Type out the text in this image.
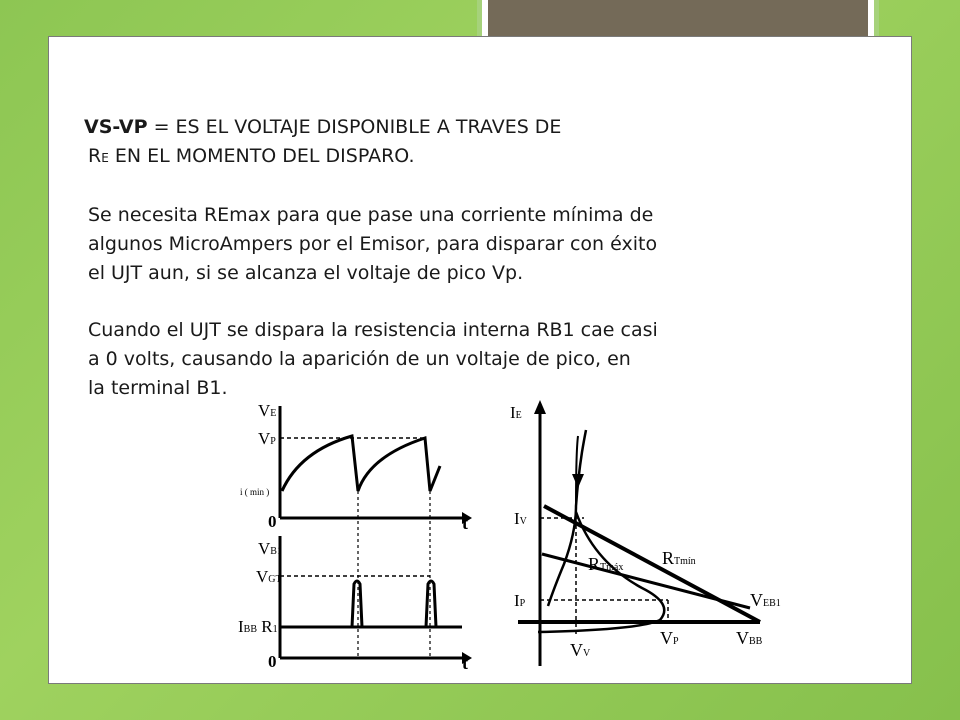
VS-VP = ES EL VOLTAJE DISPONIBLE A TRAVES DE
RE EN EL MOMENTO DEL DISPARO.
Se necesita REmax para que pase una corriente mínima de
algunos MicroAmpers por el Emisor, para disparar con éxito
el UJT aun, si se alcanza el voltaje de pico Vp.
Cuando el UJT se dispara la resistencia interna RB1 cae casi
a 0 volts, causando la aparición de un voltaje de pico, en
la terminal B1.
VE
VP
i ( min )
0	t
VB1
VGT
IBB R1
0	t
IE
IV
IP
RTmín
RTmáx
VEB1
VV
VP	VBB
